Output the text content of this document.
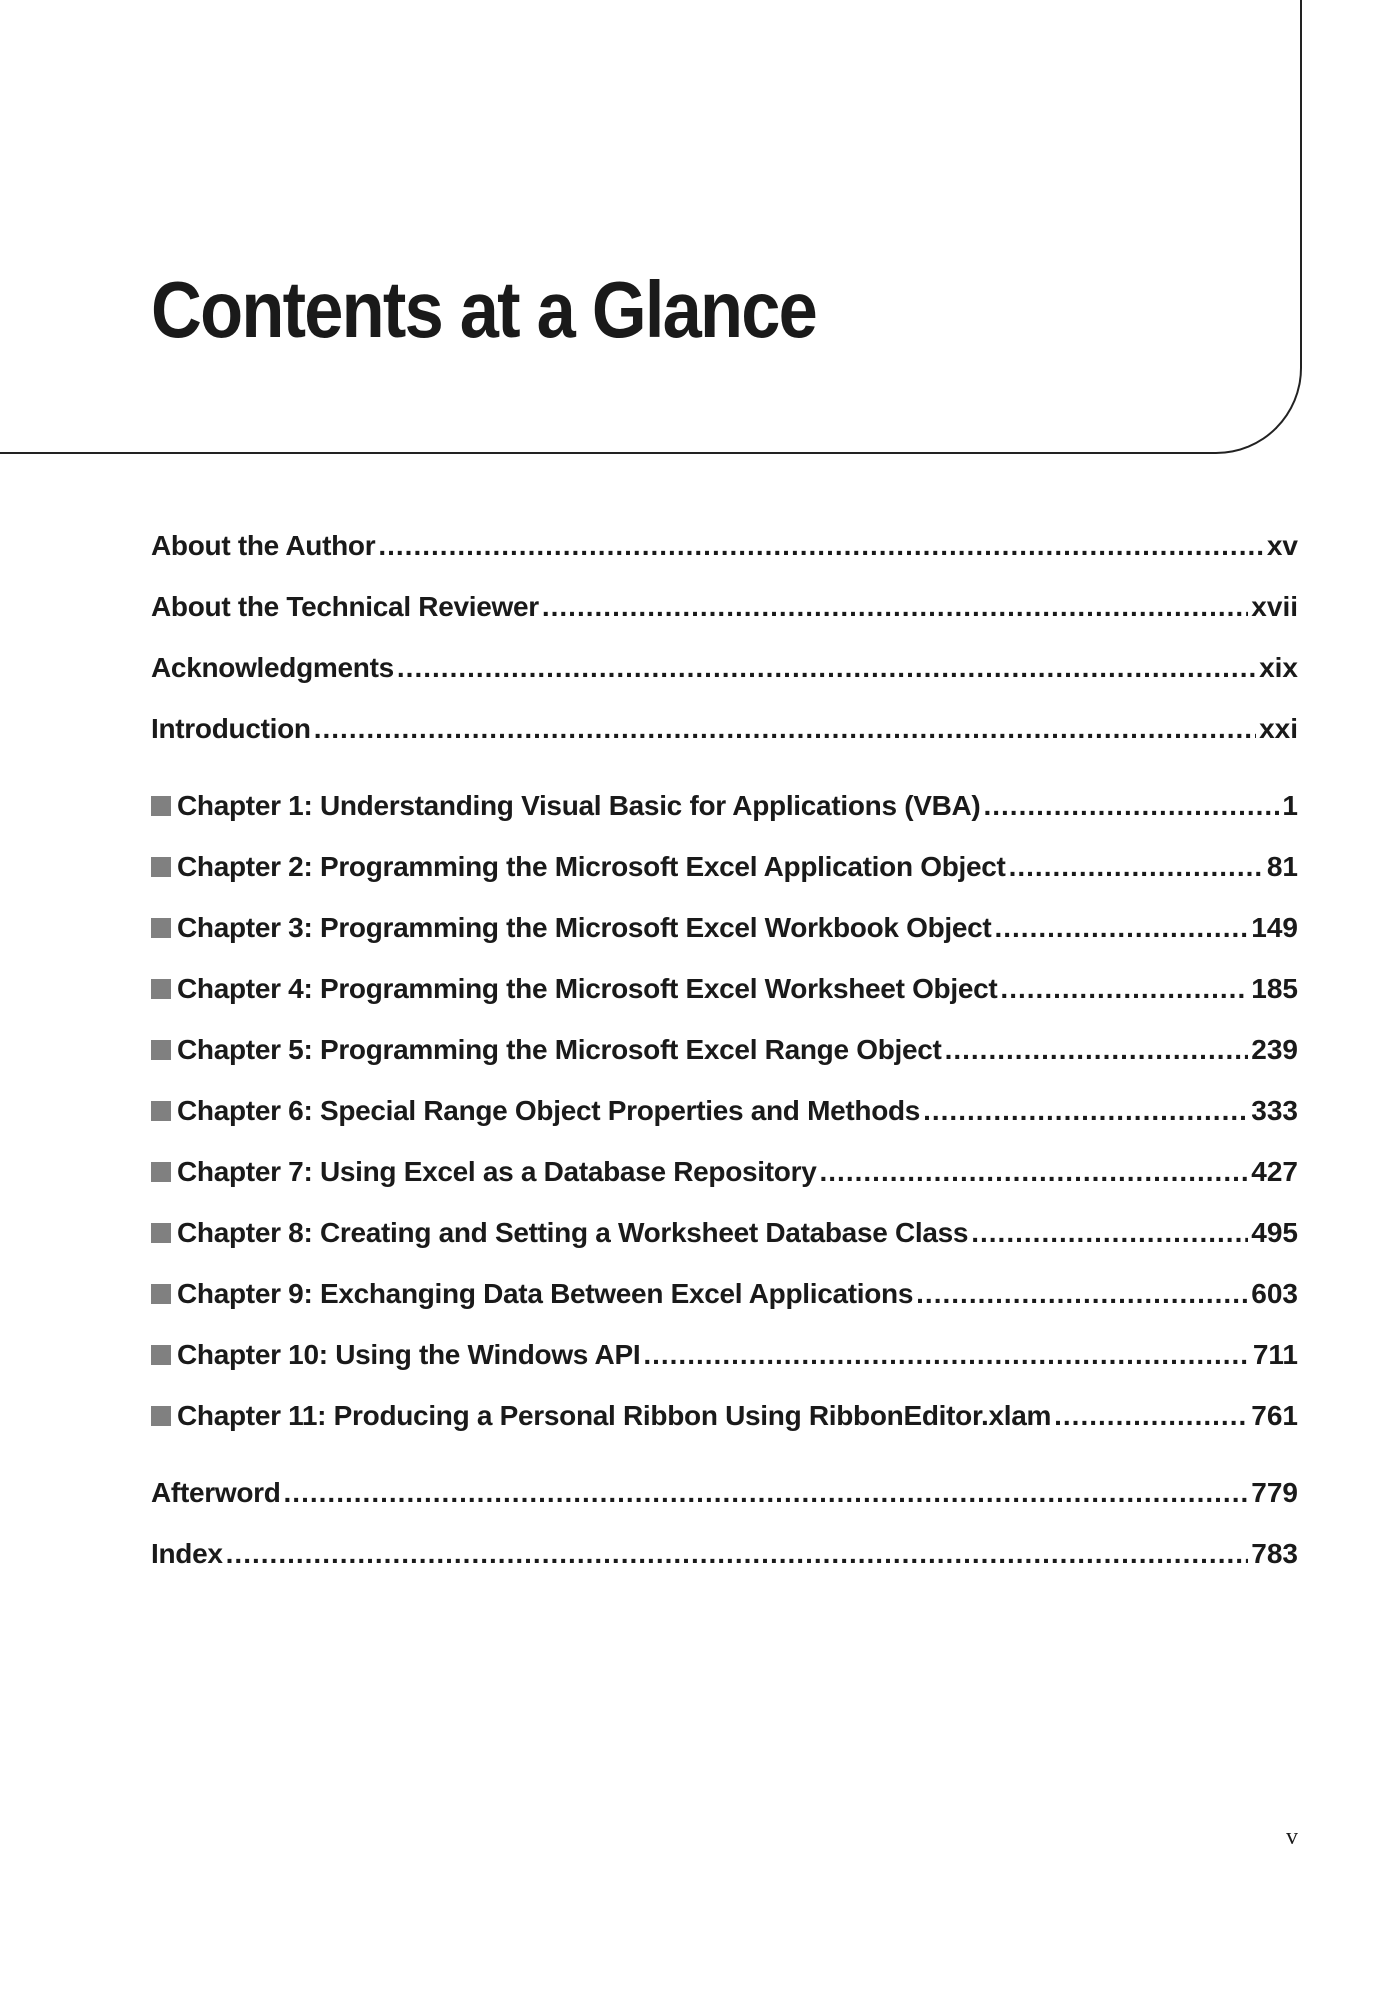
Contents at a Glance
About the Author .....	xv
About the Technical Reviewer .....	xvii
Acknowledgments .....	xix
Introduction .....	xxi
Chapter 1: Understanding Visual Basic for Applications (VBA) .....	1
Chapter 2: Programming the Microsoft Excel Application Object .....	81
Chapter 3: Programming the Microsoft Excel Workbook Object .....	149
Chapter 4: Programming the Microsoft Excel Worksheet Object .....	185
Chapter 5: Programming the Microsoft Excel Range Object .....	239
Chapter 6: Special Range Object Properties and Methods .....	333
Chapter 7: Using Excel as a Database Repository .....	427
Chapter 8: Creating and Setting a Worksheet Database Class .....	495
Chapter 9: Exchanging Data Between Excel Applications .....	603
Chapter 10: Using the Windows API .....	711
Chapter 11: Producing a Personal Ribbon Using RibbonEditor.xlam .....	761
Afterword .....	779
Index .....	783
v
